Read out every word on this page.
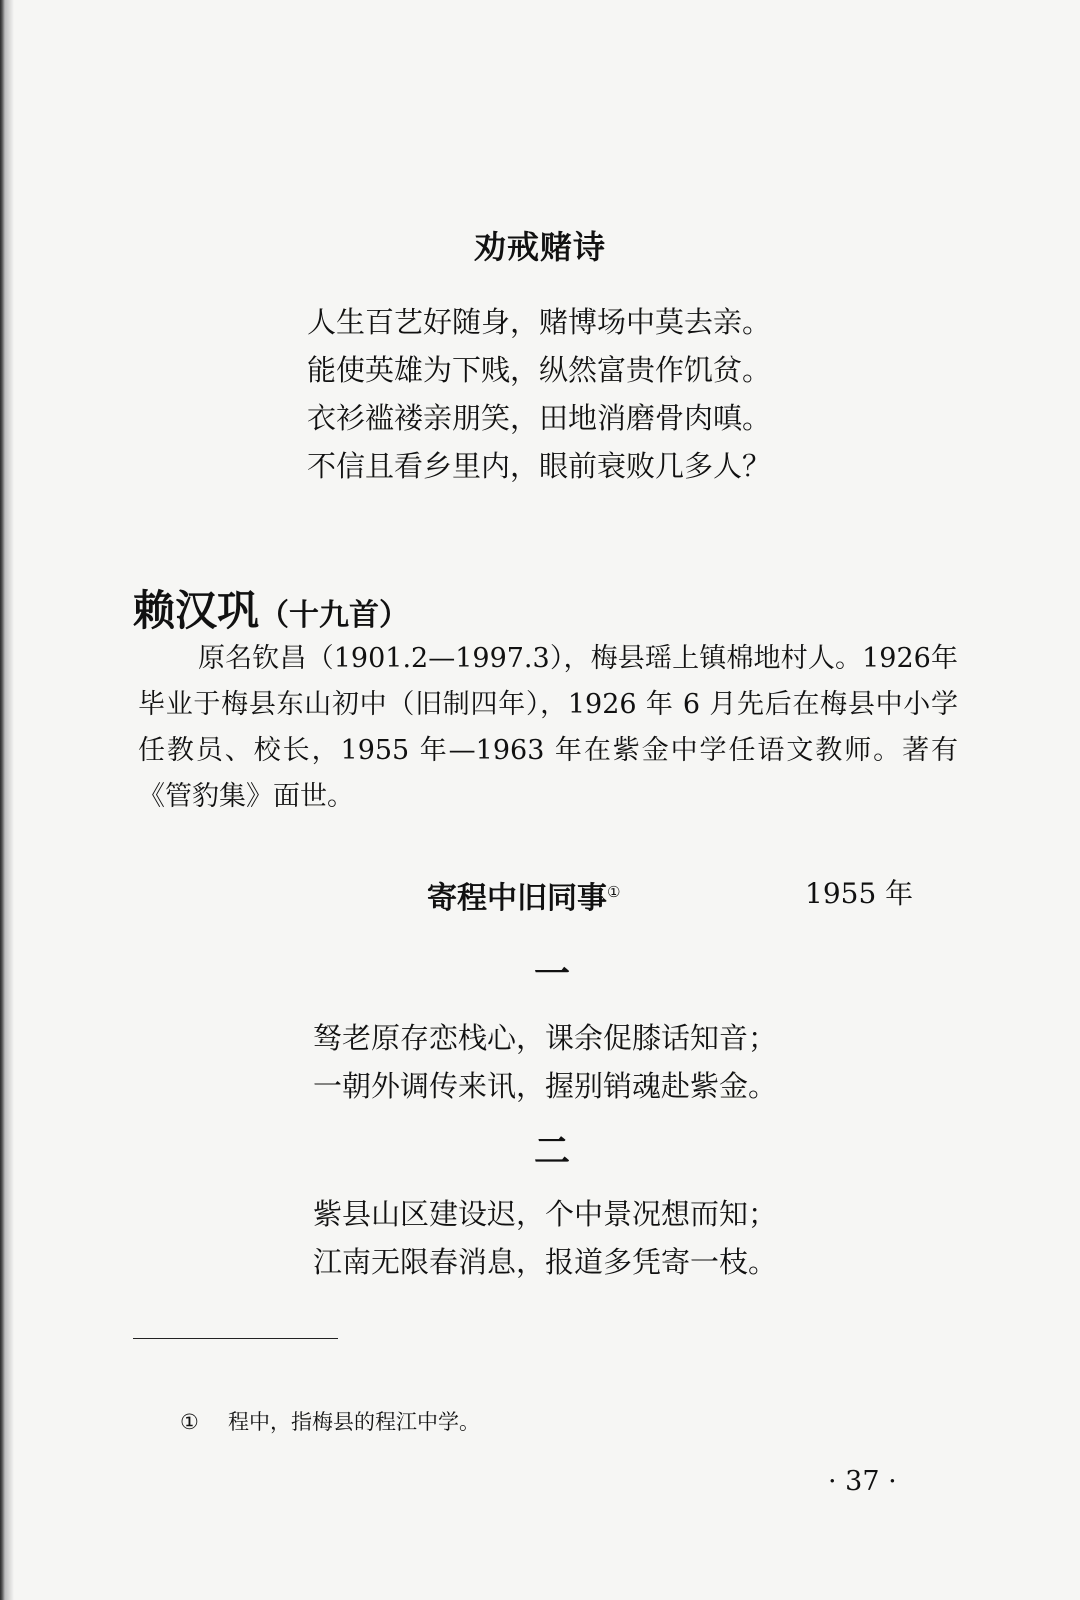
劝戒赌诗
人生百艺好随身，赌博场中莫去亲。
能使英雄为下贱，纵然富贵作饥贫。
衣衫褴褛亲朋笑，田地消磨骨肉嗔。
不信且看乡里内，眼前衰败几多人？
赖汉巩（十九首）
原名钦昌（1901.2—1997.3），梅县瑶上镇棉地村人。1926年毕业于梅县东山初中（旧制四年），1926 年 6 月先后在梅县中小学任教员、校长，1955 年—1963 年在紫金中学任语文教师。著有《管豹集》面世。
寄程中旧同事①	1955 年
一
驽老原存恋栈心，课余促膝话知音；
一朝外调传来讯，握别销魂赴紫金。
二
紫县山区建设迟，个中景况想而知；
江南无限春消息，报道多凭寄一枝。
① 程中，指梅县的程江中学。
· 37 ·
